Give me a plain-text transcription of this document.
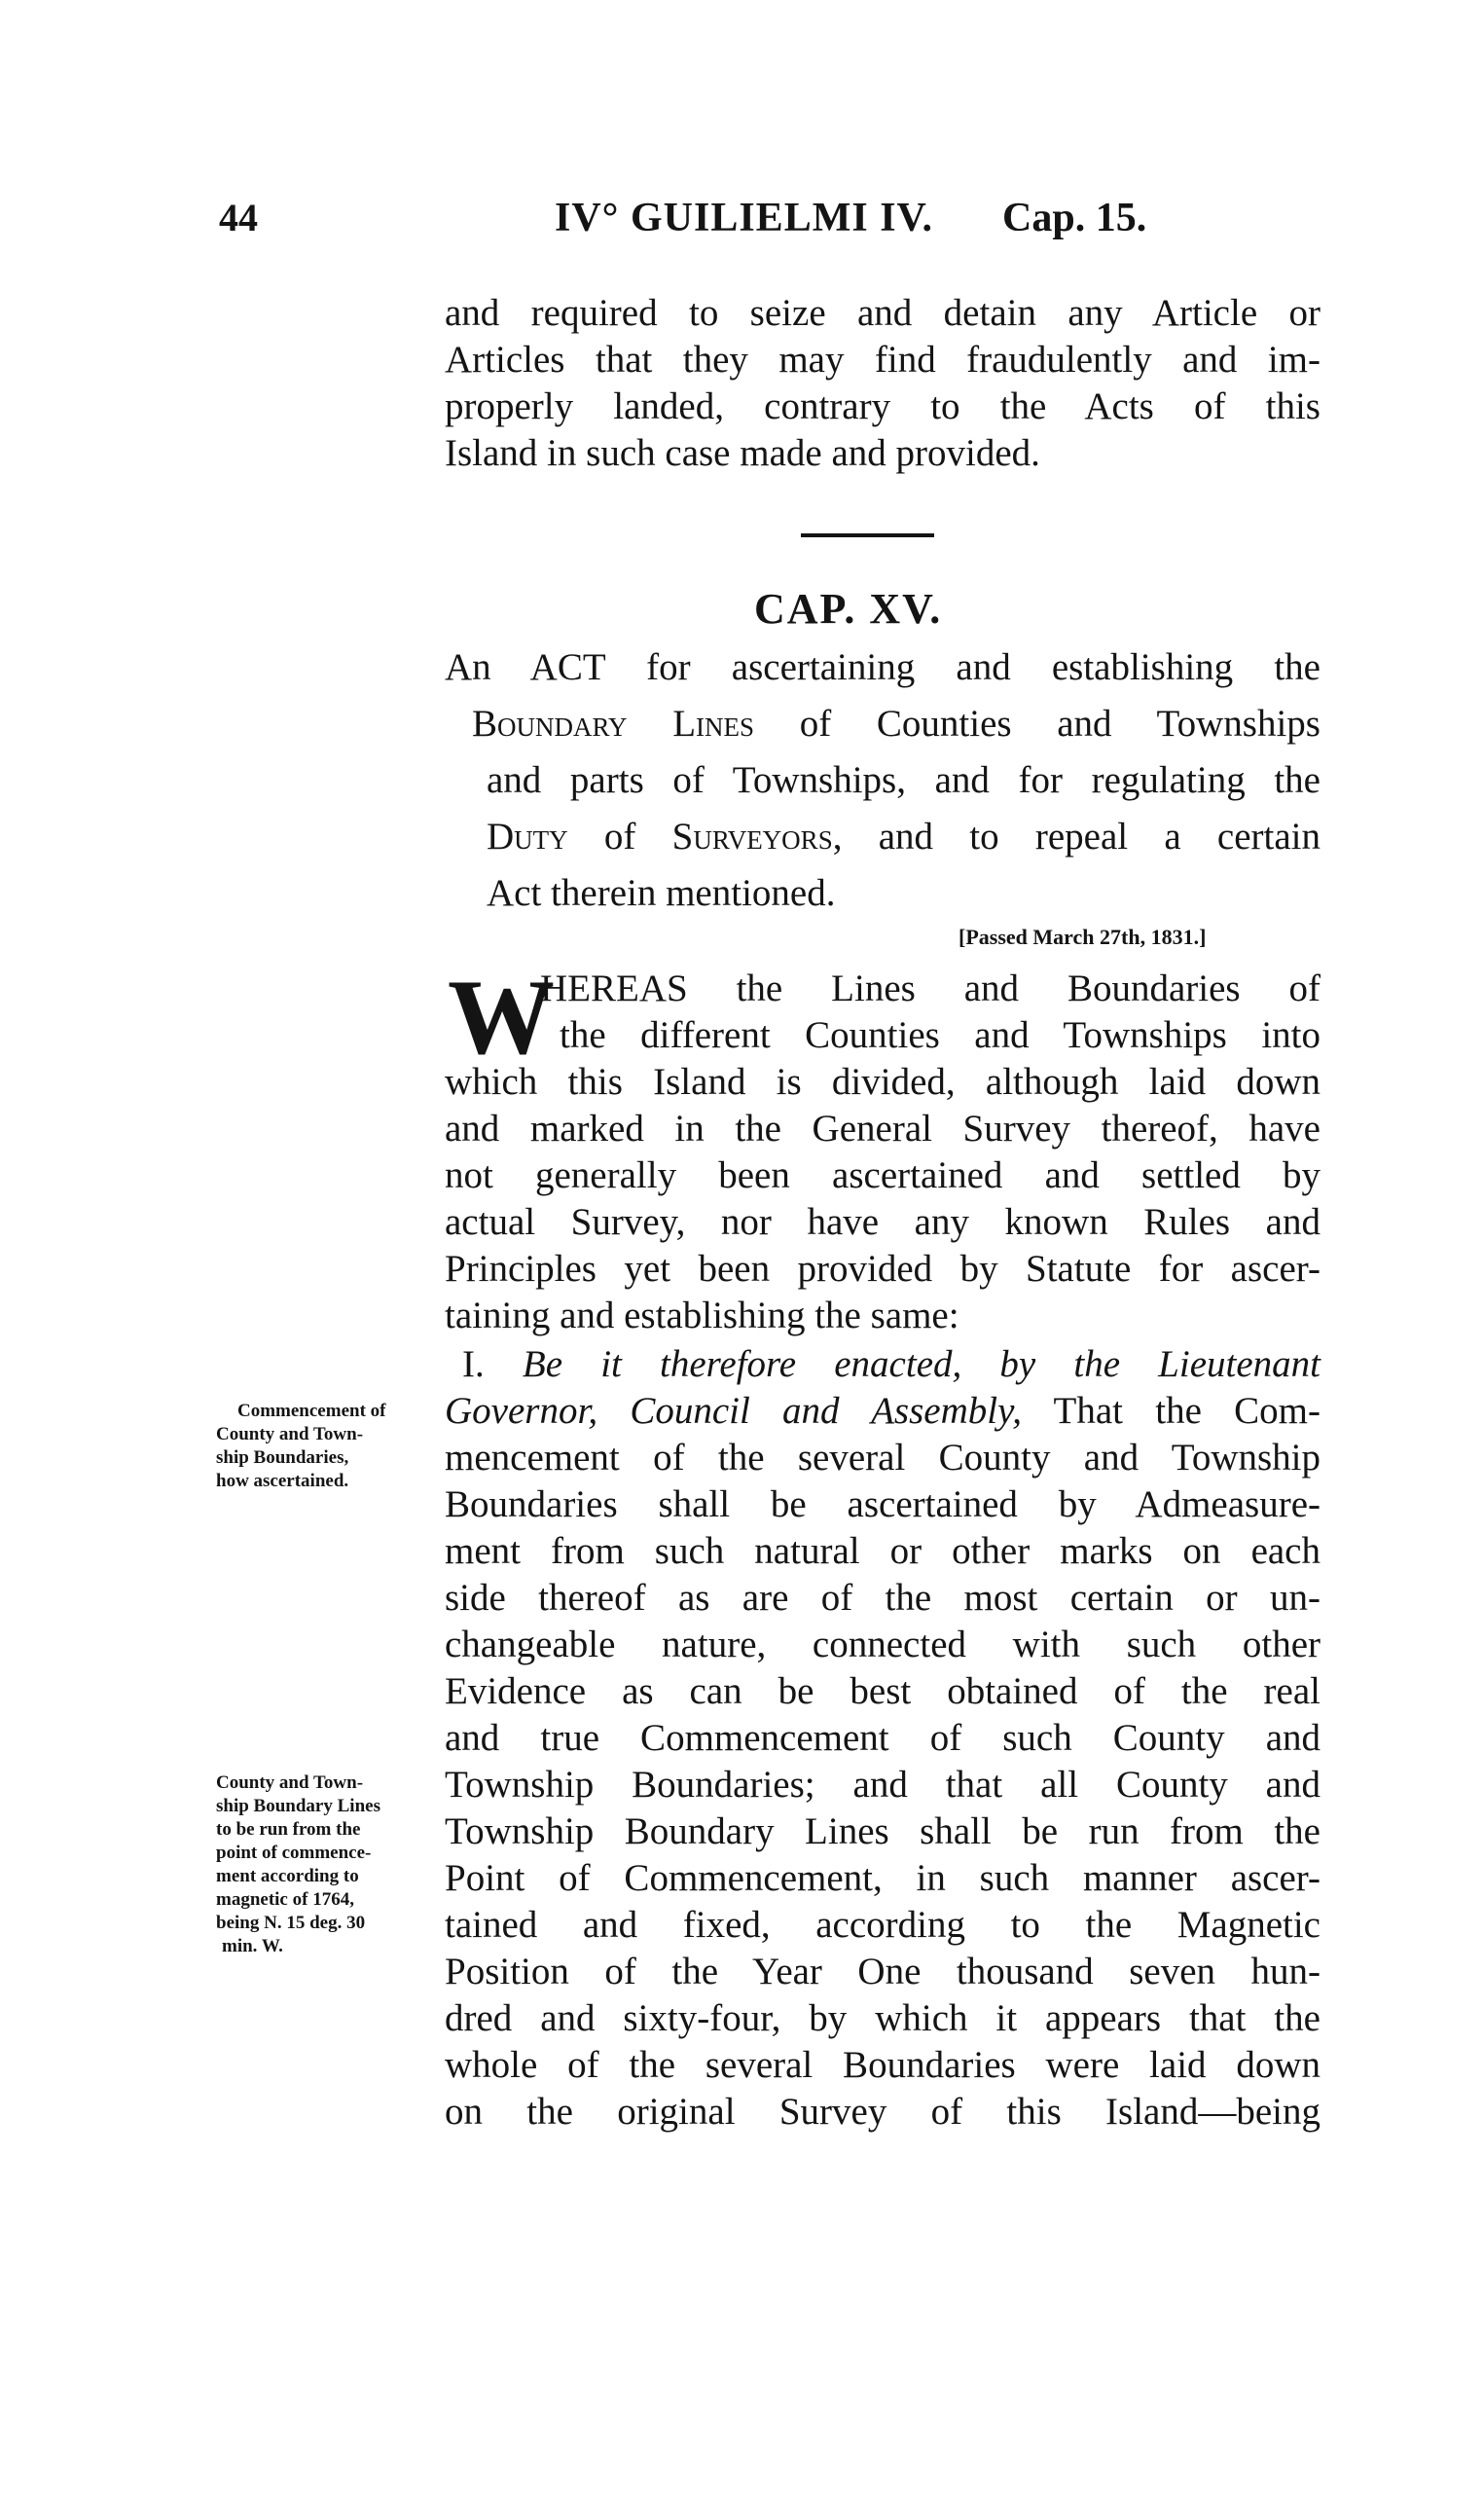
44	IV° GUILIELMI IV. Cap. 15.
and required to seize and detain any Article or
Articles that they may find fraudulently and im-
properly landed, contrary to the Acts of this
Island in such case made and provided.
CAP. XV.
An ACT for ascertaining and establishing the
Boundary Lines of Counties and Townships
and parts of Townships, and for regulating the
Duty of Surveyors, and to repeal a certain
Act therein mentioned.
[Passed March 27th, 1831.]
W
HEREAS the Lines and Boundaries of
the different Counties and Townships into
which this Island is divided, although laid down
and marked in the General Survey thereof, have
not generally been ascertained and settled by
actual Survey, nor have any known Rules and
Principles yet been provided by Statute for ascer-
taining and establishing the same:
I. Be it therefore enacted, by the Lieutenant
Governor, Council and Assembly, That the Com-
mencement of the several County and Township
Boundaries shall be ascertained by Admeasure-
ment from such natural or other marks on each
side thereof as are of the most certain or un-
changeable nature, connected with such other
Evidence as can be best obtained of the real
and true Commencement of such County and
Township Boundaries; and that all County and
Township Boundary Lines shall be run from the
Point of Commencement, in such manner ascer-
tained and fixed, according to the Magnetic
Position of the Year One thousand seven hun-
dred and sixty-four, by which it appears that the
whole of the several Boundaries were laid down
on the original Survey of this Island—being
Commencement of
County and Town-
ship Boundaries,
how ascertained.
County and Town-
ship Boundary Lines
to be run from the
point of commence-
ment according to
magnetic of 1764,
being N. 15 deg. 30
min. W.
